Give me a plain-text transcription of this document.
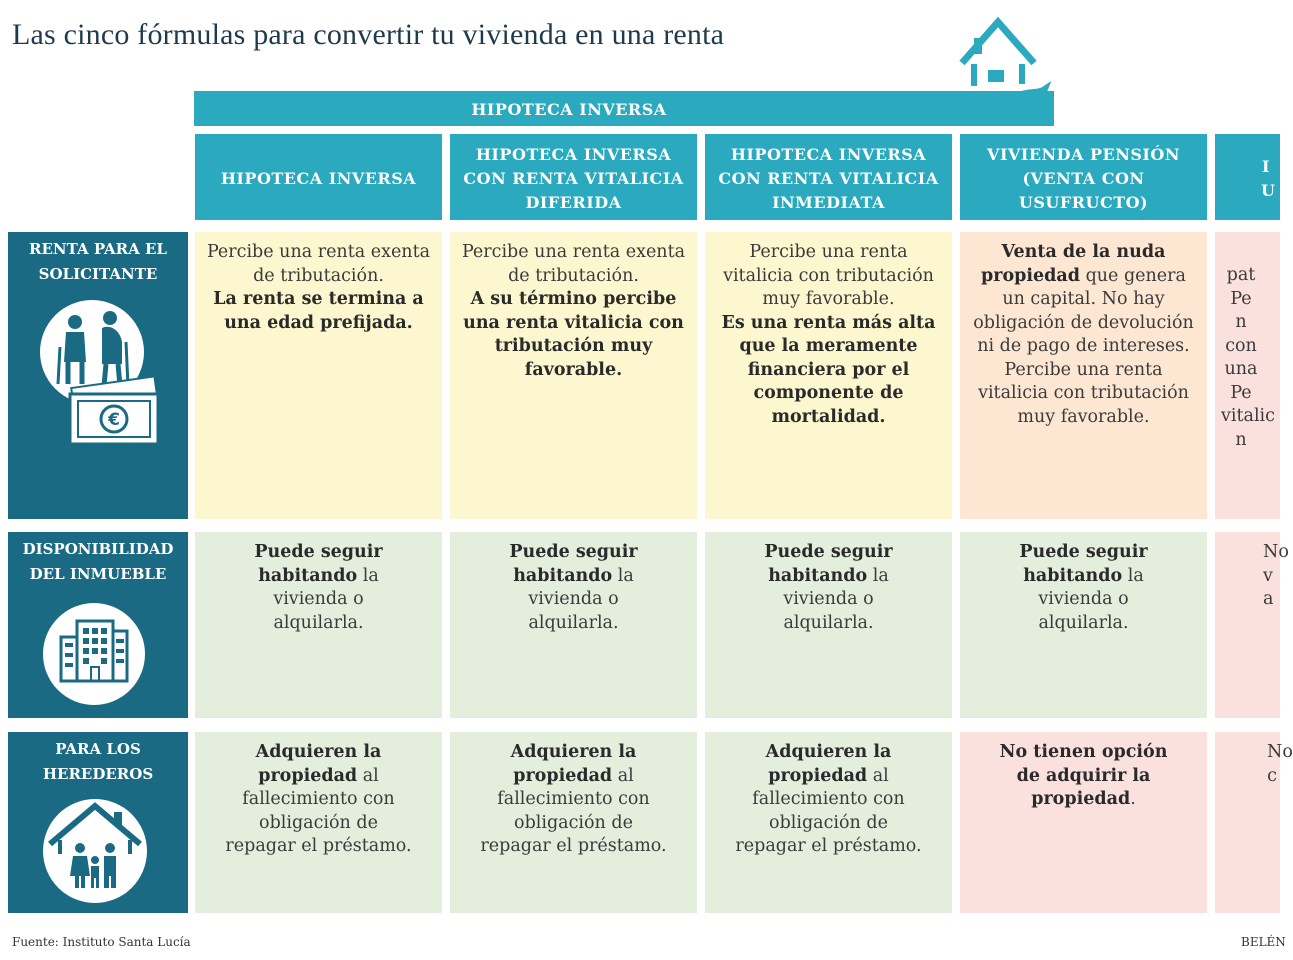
Las cinco fórmulas para convertir tu vivienda en una renta
HIPOTECA INVERSA
HIPOTECA INVERSA
HIPOTECA INVERSA CON RENTA VITALICIA DIFERIDA
HIPOTECA INVERSA CON RENTA VITALICIA INMEDIATA
VIVIENDA PENSIÓN (VENTA CON USUFRUCTO)
I U
RENTA PARA EL SOLICITANTE
€
DISPONIBILIDAD DEL INMUEBLE
PARA LOS HEREDEROS
Percibe una renta exenta de tributación.
La renta se termina a una edad prefijada.
Percibe una renta exenta de tributación.
A su término percibe una renta vitalicia con tributación muy favorable.
Percibe una renta vitalicia con tributación muy favorable.
Es una renta más alta que la meramente financiera por el componente de mortalidad.
Venta de la nuda propiedad que genera un capital. No hay obligación de devolución ni de pago de intereses. Percibe una renta vitalicia con tributación muy favorable.
pat Pe n con una Pe vitalic n
Puede seguir habitando la vivienda o alquilarla.
Puede seguir habitando la vivienda o alquilarla.
Puede seguir habitando la vivienda o alquilarla.
Puede seguir habitando la vivienda o alquilarla.
No v a
Adquieren la propiedad al fallecimiento con obligación de repagar el préstamo.
Adquieren la propiedad al fallecimiento con obligación de repagar el préstamo.
Adquieren la propiedad al fallecimiento con obligación de repagar el préstamo.
No tienen opción de adquirir la propiedad.
No c
Fuente: Instituto Santa Lucía	BELÉN
